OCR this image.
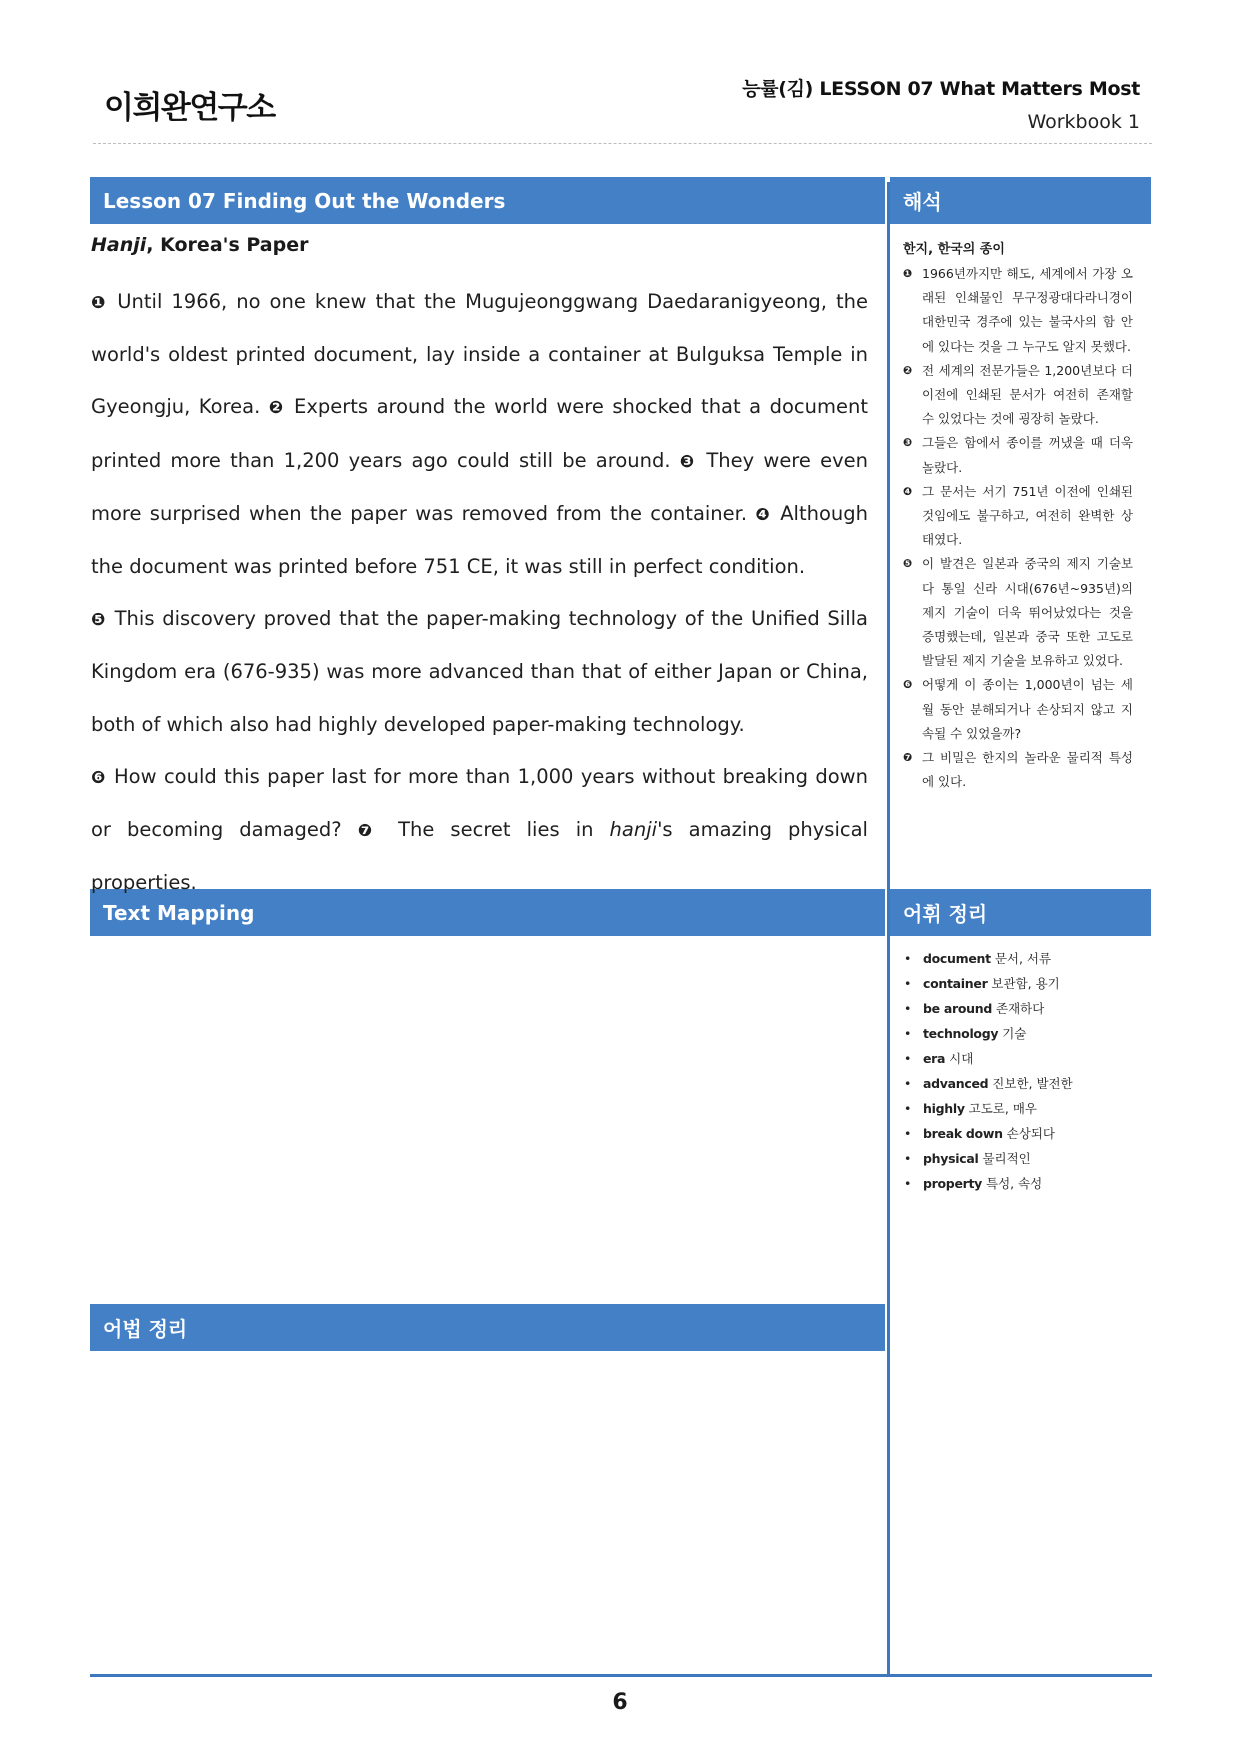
이희완연구소
능률(김) LESSON 07 What Matters Most
Workbook 1
Lesson 07 Finding Out the Wonders	해석
Text Mapping	어휘 정리
어법 정리
Hanji, Korea's Paper
❶ Until 1966, no one knew that the Mugujeonggwang Daedaranigyeong, the world's oldest printed document, lay inside a container at Bulguksa Temple in Gyeongju, Korea. ❷ Experts around the world were shocked that a document printed more than 1,200 years ago could still be around. ❸ They were even more surprised when the paper was removed from the container. ❹ Although the document was printed before 751 CE, it was still in perfect condition.
❺ This discovery proved that the paper-making technology of the Unified Silla Kingdom era (676-935) was more advanced than that of either Japan or China, both of which also had highly developed paper-making technology.
❻ How could this paper last for more than 1,000 years without breaking down or becoming damaged? ❼ The secret lies in hanji's amazing physical properties.
한지, 한국의 종이
❶ 1966년까지만 해도, 세계에서 가장 오래된 인쇄물인 무구정광대다라니경이 대한민국 경주에 있는 불국사의 함 안에 있다는 것을 그 누구도 알지 못했다.
❷ 전 세계의 전문가들은 1,200년보다 더 이전에 인쇄된 문서가 여전히 존재할 수 있었다는 것에 굉장히 놀랐다.
❸ 그들은 함에서 종이를 꺼냈을 때 더욱 놀랐다.
❹ 그 문서는 서기 751년 이전에 인쇄된 것임에도 불구하고, 여전히 완벽한 상태였다.
❺ 이 발견은 일본과 중국의 제지 기술보다 통일 신라 시대(676년~935년)의 제지 기술이 더욱 뛰어났었다는 것을 증명했는데, 일본과 중국 또한 고도로 발달된 제지 기술을 보유하고 있었다.
❻ 어떻게 이 종이는 1,000년이 넘는 세월 동안 분해되거나 손상되지 않고 지속될 수 있었을까?
❼ 그 비밀은 한지의 놀라운 물리적 특성에 있다.
• document 문서, 서류
• container 보관함, 용기
• be around 존재하다
• technology 기술
• era 시대
• advanced 진보한, 발전한
• highly 고도로, 매우
• break down 손상되다
• physical 물리적인
• property 특성, 속성
6
